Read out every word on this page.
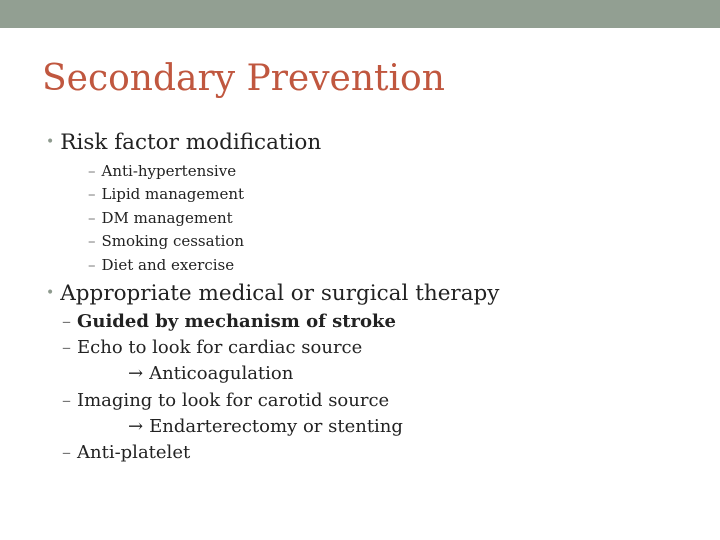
Secondary Prevention
• Risk factor modification
– Anti-hypertensive
– Lipid management
– DM management
– Smoking cessation
– Diet and exercise
• Appropriate medical or surgical therapy
– Guided by mechanism of stroke
– Echo to look for cardiac source
→ Anticoagulation
– Imaging to look for carotid source
→ Endarterectomy or stenting
– Anti-platelet
